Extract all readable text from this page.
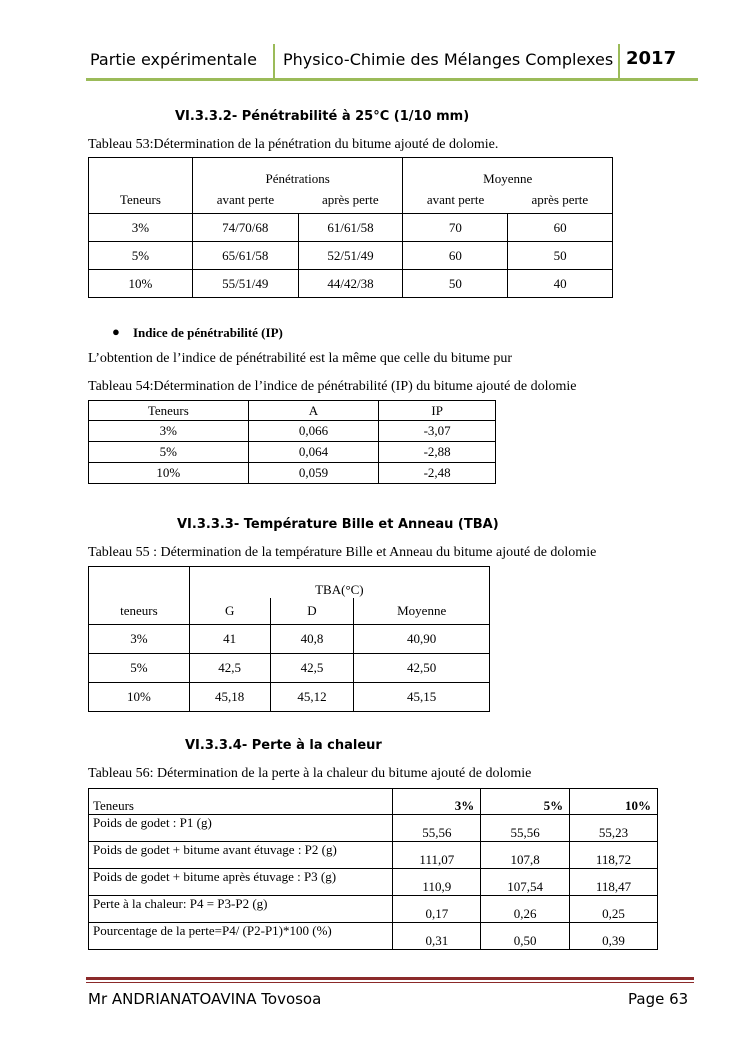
Partie expérimentale Physico-Chimie des Mélanges Complexes 2017
VI.3.3.2- Pénétrabilité à 25°C (1/10 mm)
Tableau 53:Détermination de la pénétration du bitume ajouté de dolomie.
	Pénétrations		Moyenne	
Teneurs	avant perte	après perte	avant perte	après perte
3%	74/70/68	61/61/58	70	60
5%	65/61/58	52/51/49	60	50
10%	55/51/49	44/42/38	50	40
● Indice de pénétrabilité (IP)
L’obtention de l’indice de pénétrabilité est la même que celle du bitume pur
Tableau 54:Détermination de l’indice de pénétrabilité (IP) du bitume ajouté de dolomie
Teneurs	A	IP
3%	0,066	-3,07
5%	0,064	-2,88
10%	0,059	-2,48
VI.3.3.3- Température Bille et Anneau (TBA)
Tableau 55 : Détermination de la température Bille et Anneau du bitume ajouté de dolomie
	TBA(°C)		
teneurs	G	D	Moyenne
3%	41	40,8	40,90
5%	42,5	42,5	42,50
10%	45,18	45,12	45,15
VI.3.3.4- Perte à la chaleur
Tableau 56: Détermination de la perte à la chaleur du bitume ajouté de dolomie
Teneurs	3%	5%	10%
Poids de godet : P1 (g)	55,56	55,56	55,23
Poids de godet + bitume avant étuvage : P2 (g)	111,07	107,8	118,72
Poids de godet + bitume après étuvage : P3 (g)	110,9	107,54	118,47
Perte à la chaleur: P4 = P3-P2 (g)	0,17	0,26	0,25
Pourcentage de la perte=P4/ (P2-P1)*100 (%)	0,31	0,50	0,39
Mr ANDRIANATOAVINA Tovosoa	Page 63
